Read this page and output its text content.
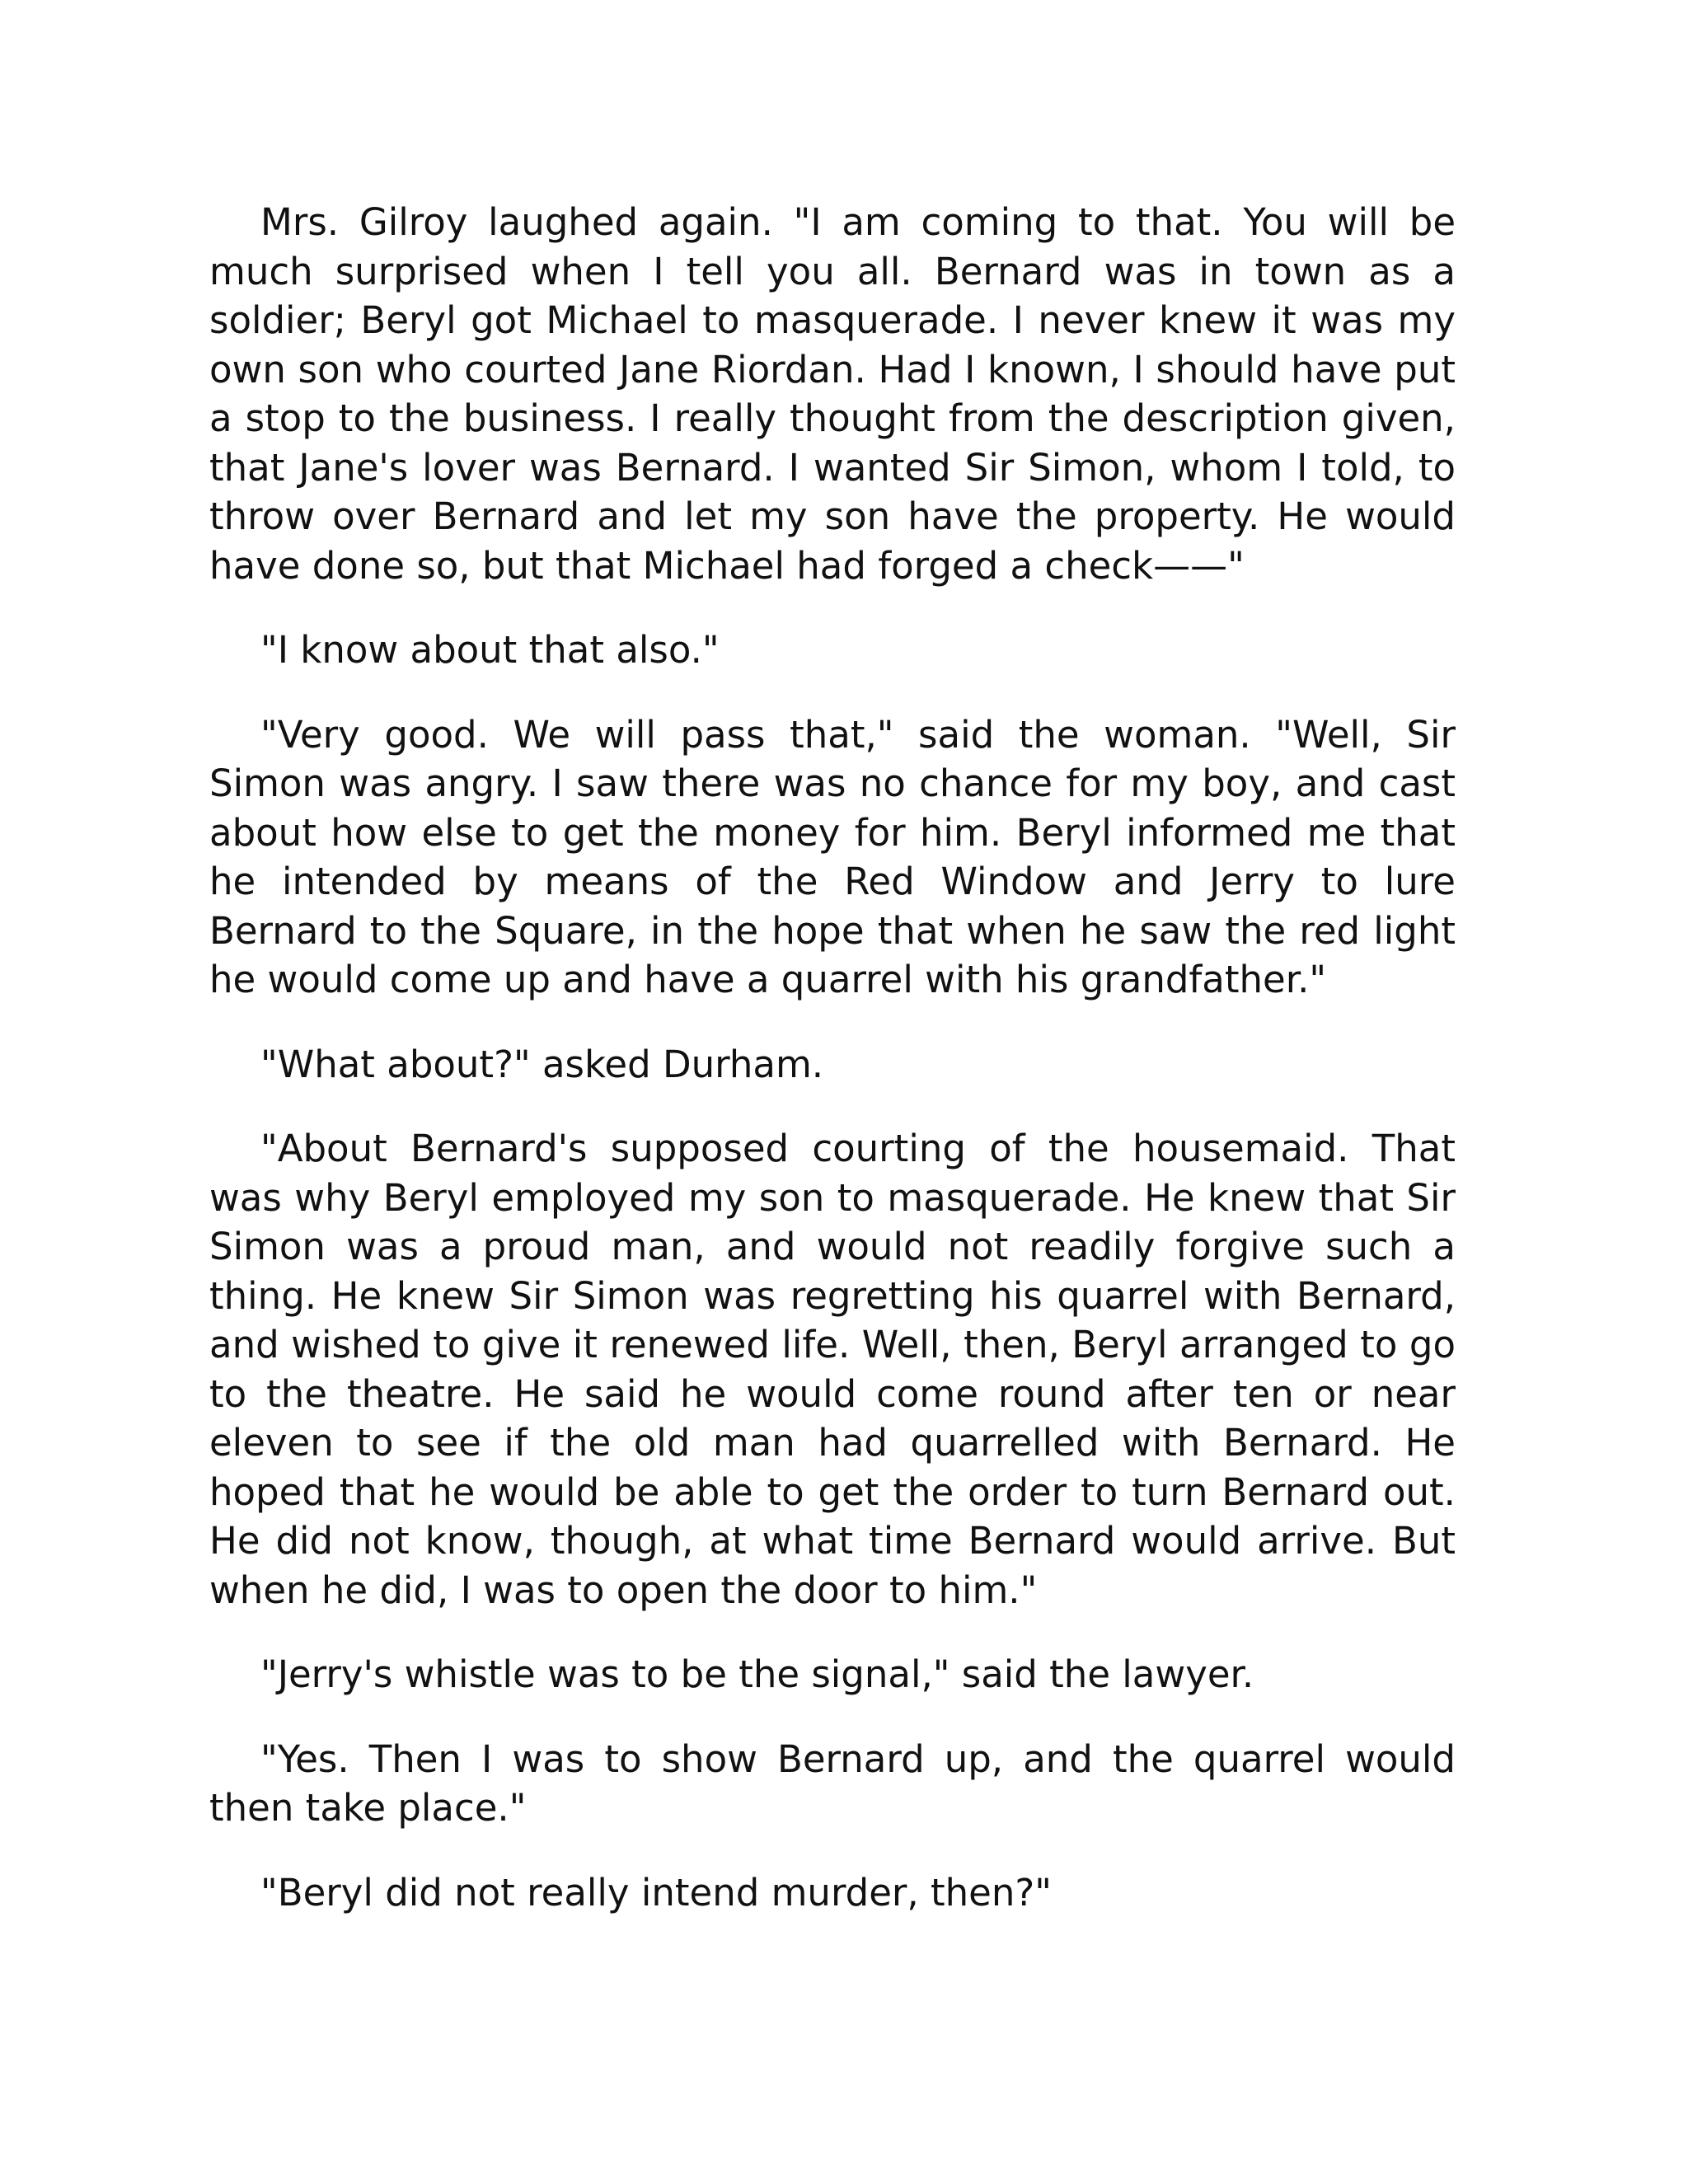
Mrs. Gilroy laughed again. "I am coming to that. You will be much surprised when I tell you all. Bernard was in town as a soldier; Beryl got Michael to masquerade. I never knew it was my own son who courted Jane Riordan. Had I known, I should have put a stop to the business. I really thought from the description given, that Jane's lover was Bernard. I wanted Sir Simon, whom I told, to throw over Bernard and let my son have the property. He would have done so, but that Michael had forged a check——"

"I know about that also."

"Very good. We will pass that," said the woman. "Well, Sir Simon was angry. I saw there was no chance for my boy, and cast about how else to get the money for him. Beryl informed me that he intended by means of the Red Window and Jerry to lure Bernard to the Square, in the hope that when he saw the red light he would come up and have a quarrel with his grandfather."

"What about?" asked Durham.

"About Bernard's supposed courting of the housemaid. That was why Beryl employed my son to masquerade. He knew that Sir Simon was a proud man, and would not readily forgive such a thing. He knew Sir Simon was regretting his quarrel with Bernard, and wished to give it renewed life. Well, then, Beryl arranged to go to the theatre. He said he would come round after ten or near eleven to see if the old man had quarrelled with Bernard. He hoped that he would be able to get the order to turn Bernard out. He did not know, though, at what time Bernard would arrive. But when he did, I was to open the door to him."

"Jerry's whistle was to be the signal," said the lawyer.

"Yes. Then I was to show Bernard up, and the quarrel would then take place."

"Beryl did not really intend murder, then?"
